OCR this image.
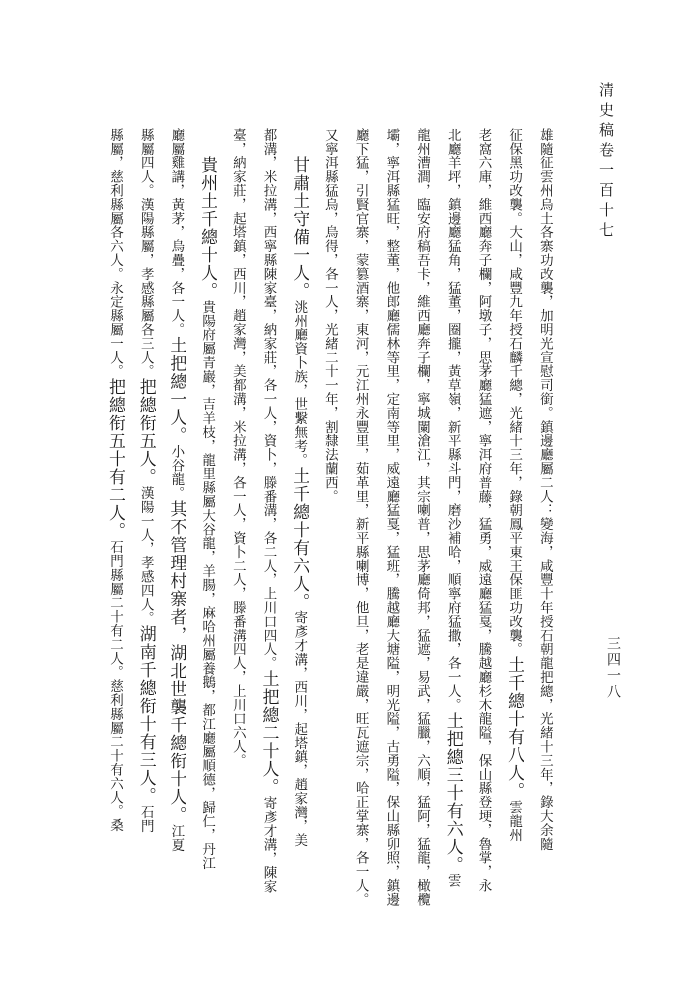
清史稿卷一百十七
三四一八
雄隨征雲州烏土各寨功改襲，加明光宣慰司銜。鎮邊廳屬二人：變海，咸豐十年授石朝龍把總，光緒十三年，錄大余隨
征保黑功改襲。大山，咸豐九年授石麟千總，光緒十三年，錄朝鳳平東王保匪功改襲。土千總十有八人。雲龍州
老窩六庫，維西廳奔子欄，阿墩子，思茅廳猛遮，寧洱府普藤，猛勇，威遠廳猛戛，騰越廳杉木龍隘，保山縣登埂，魯掌，永
北廳羊坪，鎮邊廳猛角，猛董，圈攏，黃草嶺，新平縣斗門，磨沙補哈，順寧府猛撒，各一人。土把總三十有六人。雲
龍州漕澗，臨安府稿吾卡，維西廳奔子欄，寧城闌滄江，其宗喇普，思茅廳倚邦，猛遮，易武，猛臘，六順，猛阿，猛龍，橄欖
壩，寧洱縣猛旺，整董，他郎廳儒林等里，定南等里，威遠廳猛戛，猛班，騰越廳大塘隘，明光隘，古勇隘，保山縣卯照，鎮邊
廳下猛，引賢官寨，蒙篡酒寨，東河，元江州永豐里，茹革里，新平縣喇博，他旦，老是違嚴，旺瓦遮宗，哈正掌寨，各一人。
又寧洱縣猛烏，烏得，各一人，光緒二十一年，割隸法蘭西。
甘肅土守備一人。洮州廳資卜族，世繫無考。土千總十有六人。寄彥才溝，西川，起塔鎮，趙家灣，美
都溝，米拉溝，西寧縣陳家臺，納家莊，各一人，資卜，滕番溝，各二人，上川口四人。土把總二十人。寄彥才溝，陳家
臺，納家莊，起塔鎮，西川，趙家灣，美都溝，米拉溝，各一人，資卜二人，滕番溝四人，上川口六人。
貴州土千總十人。貴陽府屬青巖，吉羊枝，龍里縣屬大谷龍，羊腸，麻哈州屬養鵝，都江廳屬順德，歸仁，丹江
廳屬雞講，黃茅，烏疊，各一人。土把總一人。小谷龍。其不管理村寨者，湖北世襲千總衔十人。江夏
縣屬四人。漢陽縣屬，孝感縣屬各三人。把總衔五人。漢陽一人，孝感四人。湖南千總衔十有三人。石門
縣屬，慈利縣屬各六人。永定縣屬一人。把總衔五十有二人。石門縣屬二十有二人。慈利縣屬二十有六人。桑
